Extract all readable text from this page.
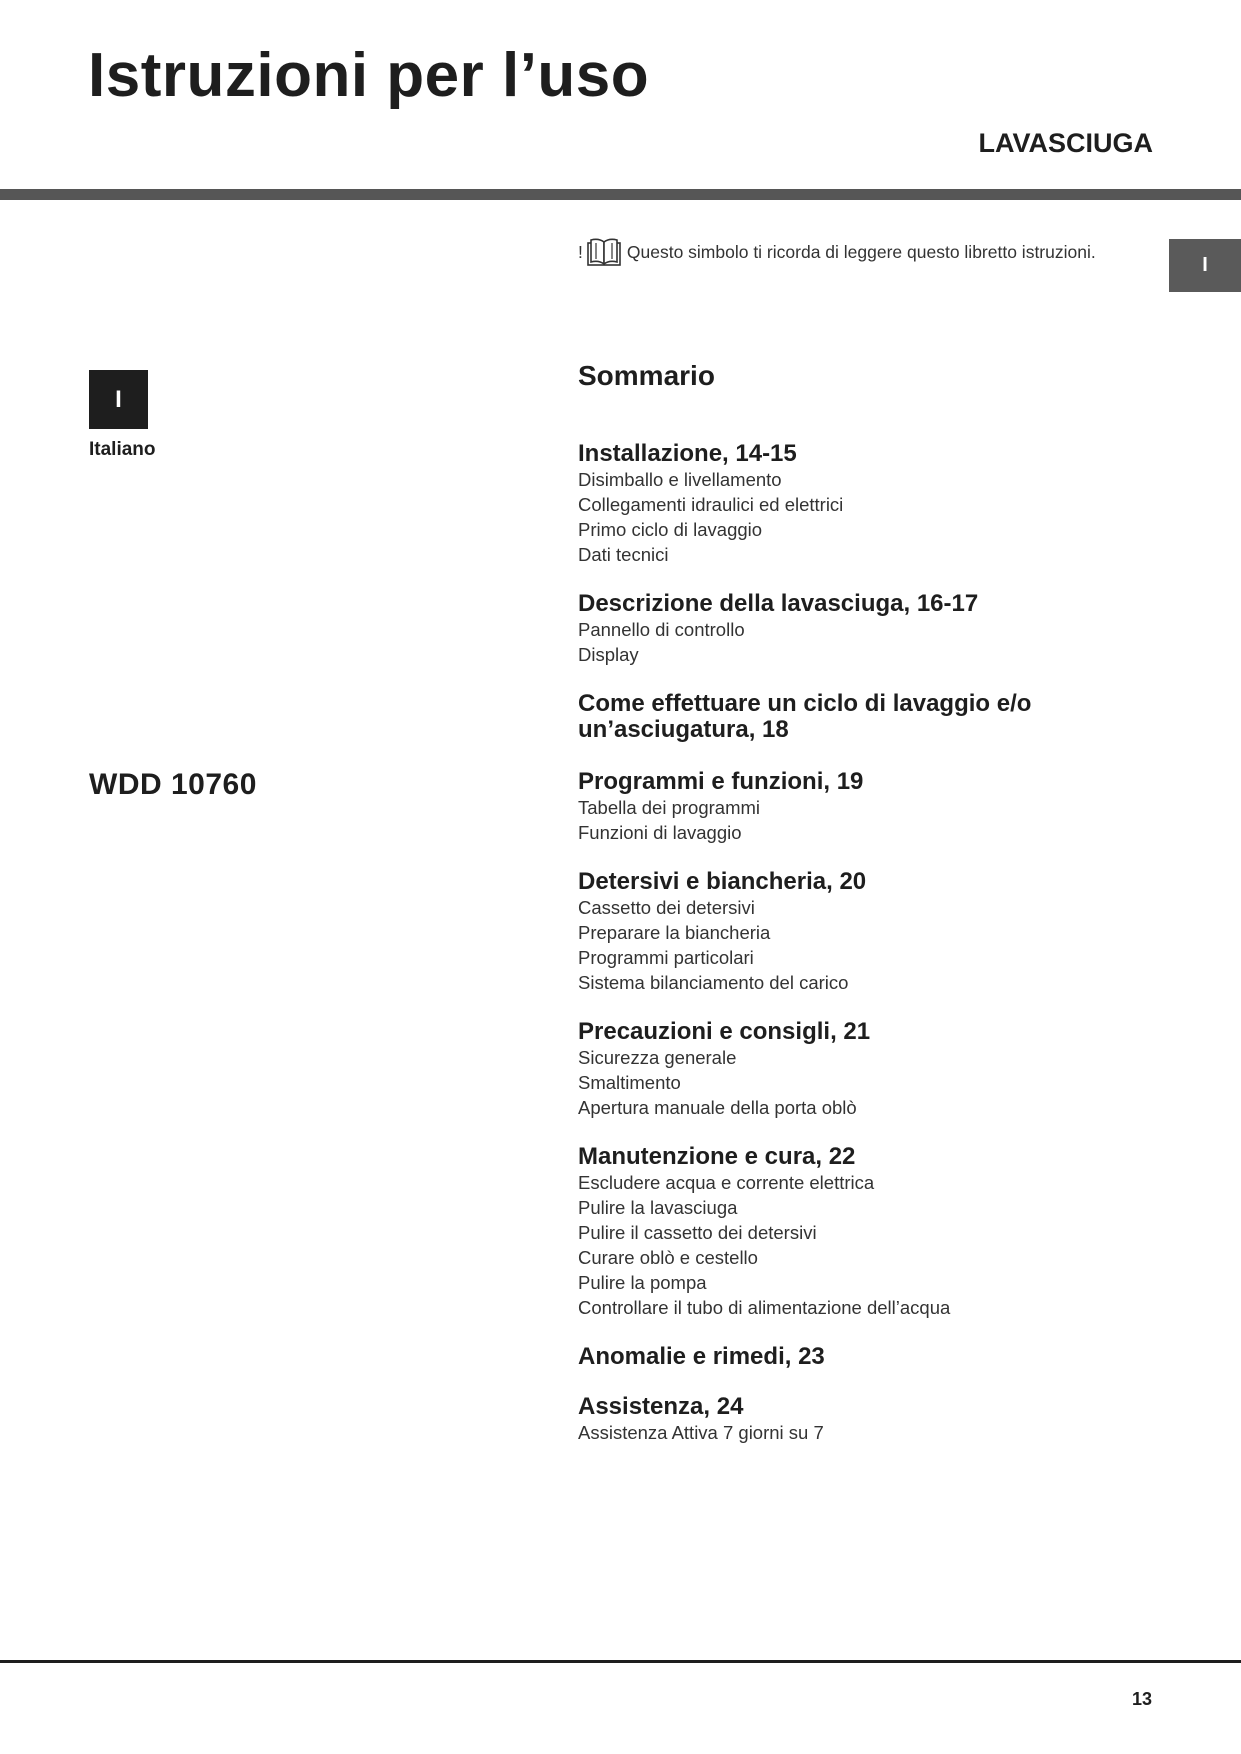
Istruzioni per l’uso
LAVASCIUGA
!	Questo simbolo ti ricorda di leggere questo libretto istruzioni.
I
I
Italiano
WDD 10760
Sommario
Installazione, 14-15
Disimballo e livellamento
Collegamenti idraulici ed elettrici
Primo ciclo di lavaggio
Dati tecnici
Descrizione della lavasciuga, 16-17
Pannello di controllo
Display
Come effettuare un ciclo di lavaggio e/o un’asciugatura, 18
Programmi e funzioni, 19
Tabella dei programmi
Funzioni di lavaggio
Detersivi e biancheria, 20
Cassetto dei detersivi
Preparare la biancheria
Programmi particolari
Sistema bilanciamento del carico
Precauzioni e consigli, 21
Sicurezza generale
Smaltimento
Apertura manuale della porta oblò
Manutenzione e cura, 22
Escludere acqua e corrente elettrica
Pulire la lavasciuga
Pulire il cassetto dei detersivi
Curare oblò e cestello
Pulire la pompa
Controllare il tubo di alimentazione dell’acqua
Anomalie e rimedi, 23
Assistenza, 24
Assistenza Attiva 7 giorni su 7
13
